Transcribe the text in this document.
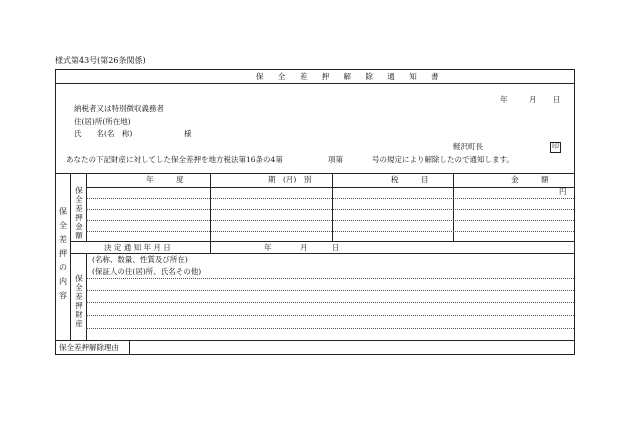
様式第43号(第26条関係)
保 全 差 押 解 除 通 知 書
年	月 日
納税者又は特別徴収義務者
住(居)所(所在地)
氏　　名(名　称)	様
軽沢町長	印
あなたの下記財産に対してした保全差押を地方税法第16条の4第	項第	号の規定により解除したので通知します。
保全差押の内容
保全差押金額
年　　　度	期　(月)　別	税　　　目	金　　　額
円
決 定 通 知 年 月 日	年	月	日
保全差押財産
(名称、数量、性質及び所在)
(保証人の住(居)所、氏名その他)
保全差押解除理由
